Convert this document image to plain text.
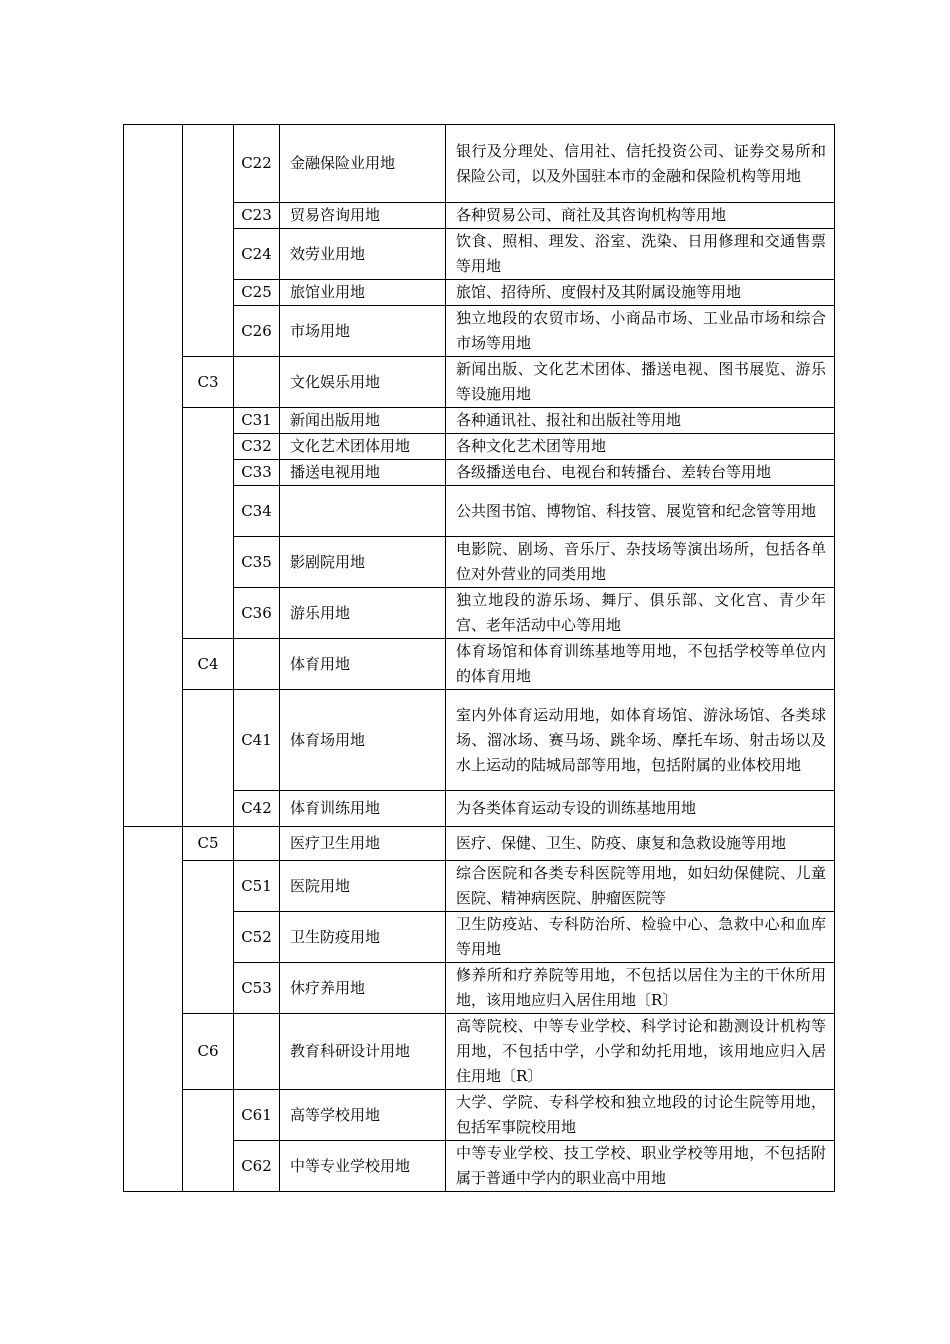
		C22	金融保险业用地	银行及分理处、信用社、信托投资公司、证券交易所和保险公司，以及外国驻本市的金融和保险机构等用地
		C23	贸易咨询用地	各种贸易公司、商社及其咨询机构等用地
		C24	效劳业用地	饮食、照相、理发、浴室、洗染、日用修理和交通售票等用地
		C25	旅馆业用地	旅馆、招待所、度假村及其附属设施等用地
		C26	市场用地	独立地段的农贸市场、小商品市场、工业品市场和综合市场等用地
	C3		文化娱乐用地	新闻出版、文化艺术团体、播送电视、图书展览、游乐等设施用地
		C31	新闻出版用地	各种通讯社、报社和出版社等用地
		C32	文化艺术团体用地	各种文化艺术团等用地
		C33	播送电视用地	各级播送电台、电视台和转播台、差转台等用地
		C34		公共图书馆、博物馆、科技管、展览管和纪念管等用地
		C35	影剧院用地	电影院、剧场、音乐厅、杂技场等演出场所，包括各单位对外营业的同类用地
		C36	游乐用地	独立地段的游乐场、舞厅、俱乐部、文化宫、青少年宫、老年活动中心等用地
	C4		体育用地	体育场馆和体育训练基地等用地，不包括学校等单位内的体育用地
		C41	体育场用地	室内外体育运动用地，如体育场馆、游泳场馆、各类球场、溜冰场、赛马场、跳伞场、摩托车场、射击场以及水上运动的陆城局部等用地，包括附属的业体校用地
		C42	体育训练用地	为各类体育运动专设的训练基地用地
	C5		医疗卫生用地	医疗、保健、卫生、防疫、康复和急救设施等用地
		C51	医院用地	综合医院和各类专科医院等用地，如妇幼保健院、儿童医院、精神病医院、肿瘤医院等
		C52	卫生防疫用地	卫生防疫站、专科防治所、检验中心、急救中心和血库等用地
		C53	休疗养用地	修养所和疗养院等用地，不包括以居住为主的干休所用地，该用地应归入居住用地〔R〕
	C6		教育科研设计用地	高等院校、中等专业学校、科学讨论和勘测设计机构等用地，不包括中学，小学和幼托用地，该用地应归入居住用地〔R〕
		C61	高等学校用地	大学、学院、专科学校和独立地段的讨论生院等用地，包括军事院校用地
		C62	中等专业学校用地	中等专业学校、技工学校、职业学校等用地，不包括附属于普通中学内的职业高中用地
